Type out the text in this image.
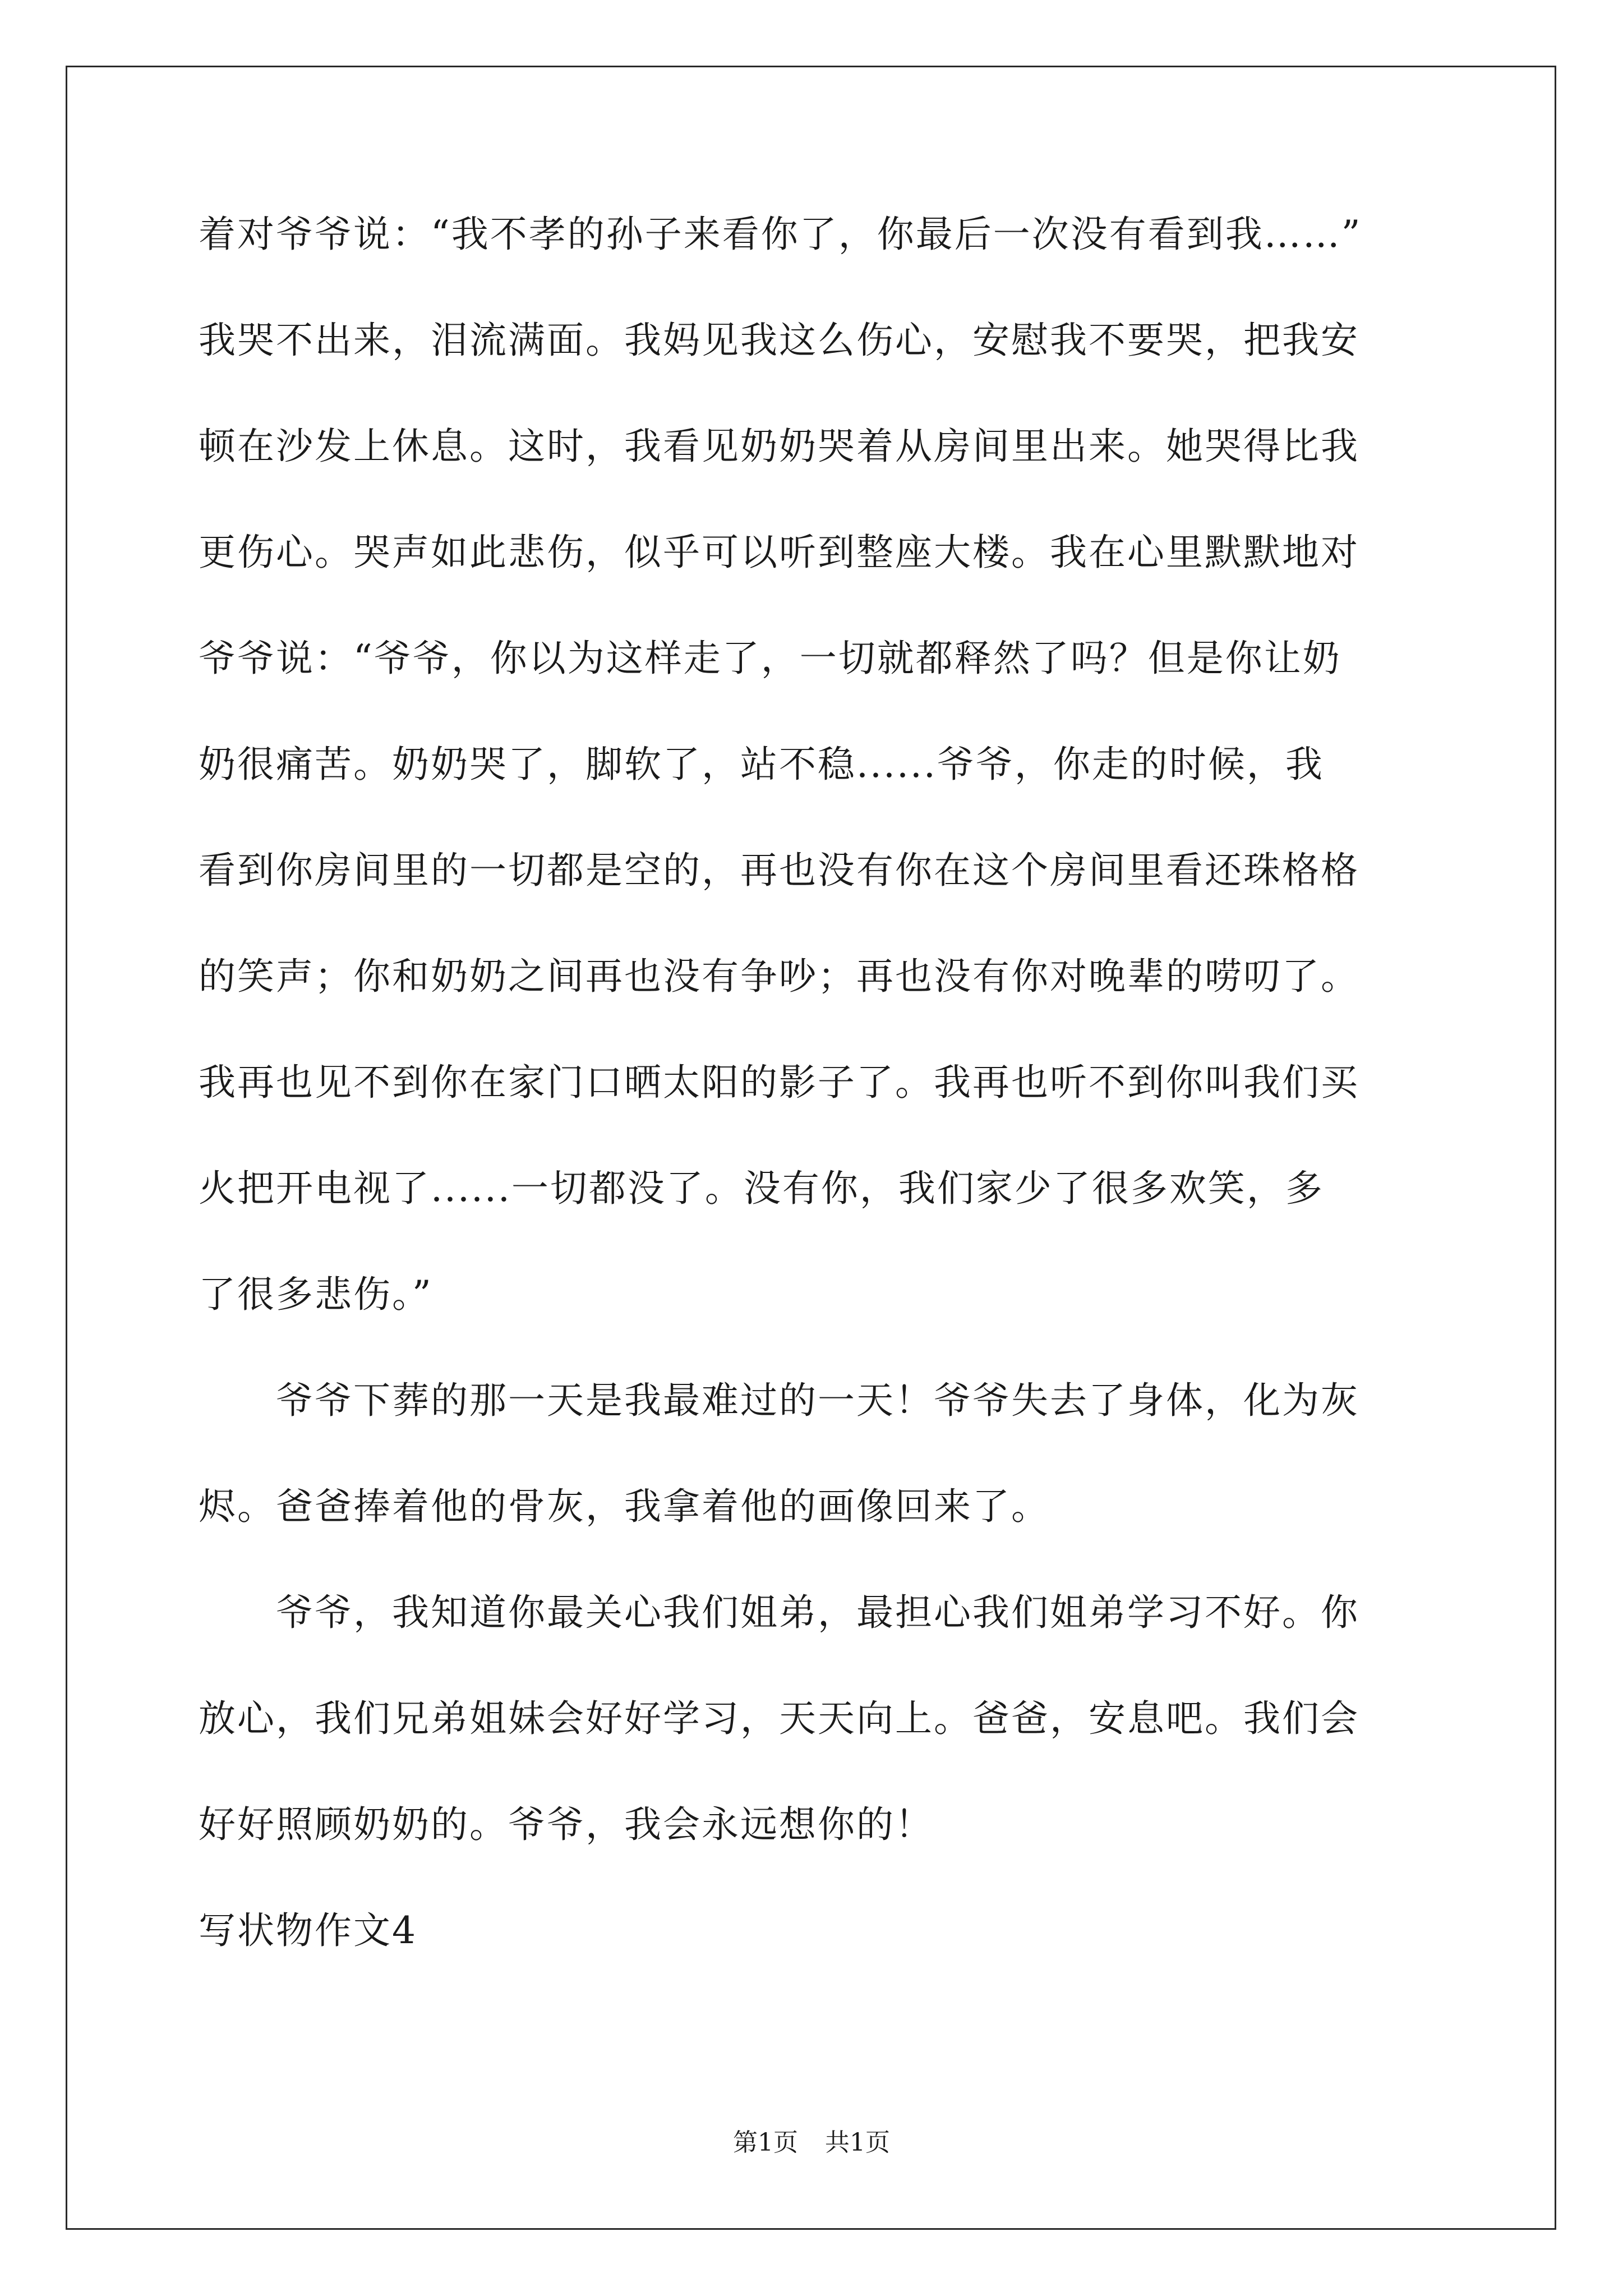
着对爷爷说：“我不孝的孙子来看你了，你最后一次没有看到我……”
我哭不出来，泪流满面。我妈见我这么伤心，安慰我不要哭，把我安
顿在沙发上休息。这时，我看见奶奶哭着从房间里出来。她哭得比我
更伤心。哭声如此悲伤，似乎可以听到整座大楼。我在心里默默地对
爷爷说：“爷爷，你以为这样走了，一切就都释然了吗？但是你让奶
奶很痛苦。奶奶哭了，脚软了，站不稳......爷爷，你走的时候，我
看到你房间里的一切都是空的，再也没有你在这个房间里看还珠格格
的笑声；你和奶奶之间再也没有争吵；再也没有你对晚辈的唠叨了。
我再也见不到你在家门口晒太阳的影子了。我再也听不到你叫我们买
火把开电视了......一切都没了。没有你，我们家少了很多欢笑，多
了很多悲伤。”
爷爷下葬的那一天是我最难过的一天！爷爷失去了身体，化为灰
烬。爸爸捧着他的骨灰，我拿着他的画像回来了。
爷爷，我知道你最关心我们姐弟，最担心我们姐弟学习不好。你
放心，我们兄弟姐妹会好好学习，天天向上。爸爸，安息吧。我们会
好好照顾奶奶的。爷爷，我会永远想你的！
写状物作文4
第1页 共1页
